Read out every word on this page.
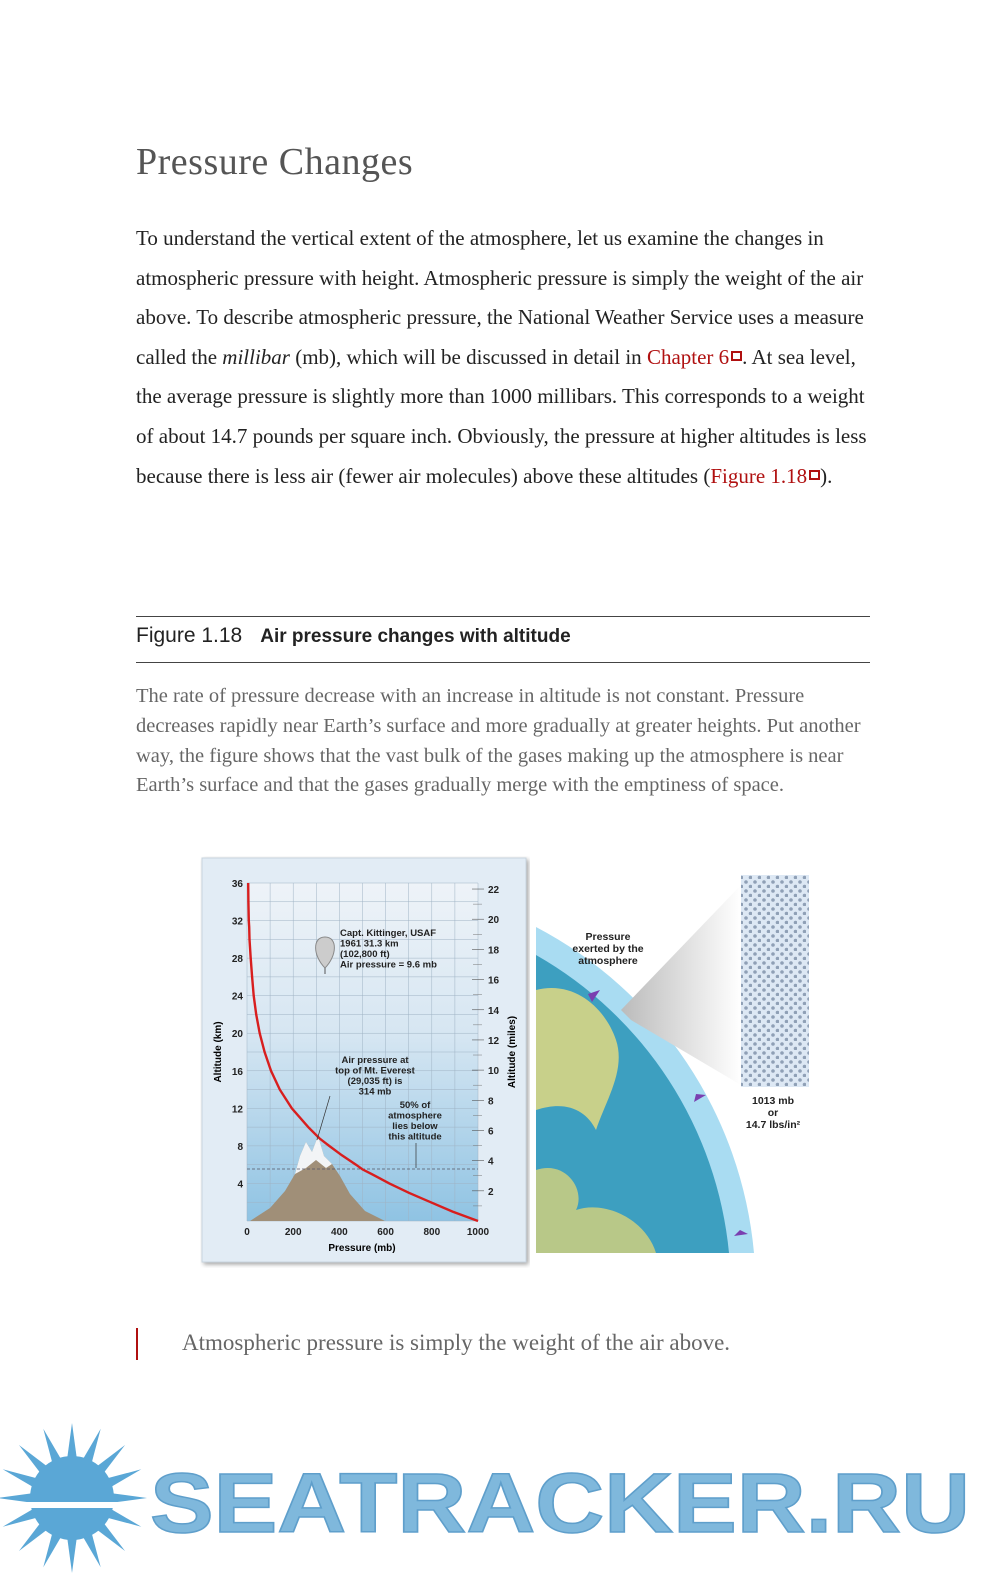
Pressure Changes

To understand the vertical extent of the atmosphere, let us examine the changes in atmospheric pressure with height. Atmospheric pressure is simply the weight of the air above. To describe atmospheric pressure, the National Weather Service uses a measure called the millibar (mb), which will be discussed in detail in Chapter 6 . At sea level, the average pressure is slightly more than 1000 millibars. This corresponds to a weight of about 14.7 pounds per square inch. Obviously, the pressure at higher altitudes is less because there is less air (fewer air molecules) above these altitudes (Figure 1.18 ).

Figure 1.18 Air pressure changes with altitude
The rate of pressure decrease with an increase in altitude is not constant. Pressure decreases rapidly near Earth’s surface and more gradually at greater heights. Put another way, the figure shows that the vast bulk of the gases making up the atmosphere is near Earth’s surface and that the gases gradually merge with the emptiness of space.
Capt. Kittinger, USAF
1961 31.3 km
(102,800 ft)
Air pressure = 9.6 mb
Air pressure at
top of Mt. Everest
(29,035 ft) is
314 mb
50% of
atmosphere
lies below
this altitude
0	200	400	600	800	1000
4
8
12
16
20
24
28
32
36
2
4
6
8
10
12
14
16
18
20
22
Pressure (mb)
Altitude (km)	Altitude (miles)
Pressure
exerted by the
atmosphere
1013 mb
or
14.7 lbs/in²
Atmospheric pressure is simply the weight of the air above.
SEATRACKER.RU
